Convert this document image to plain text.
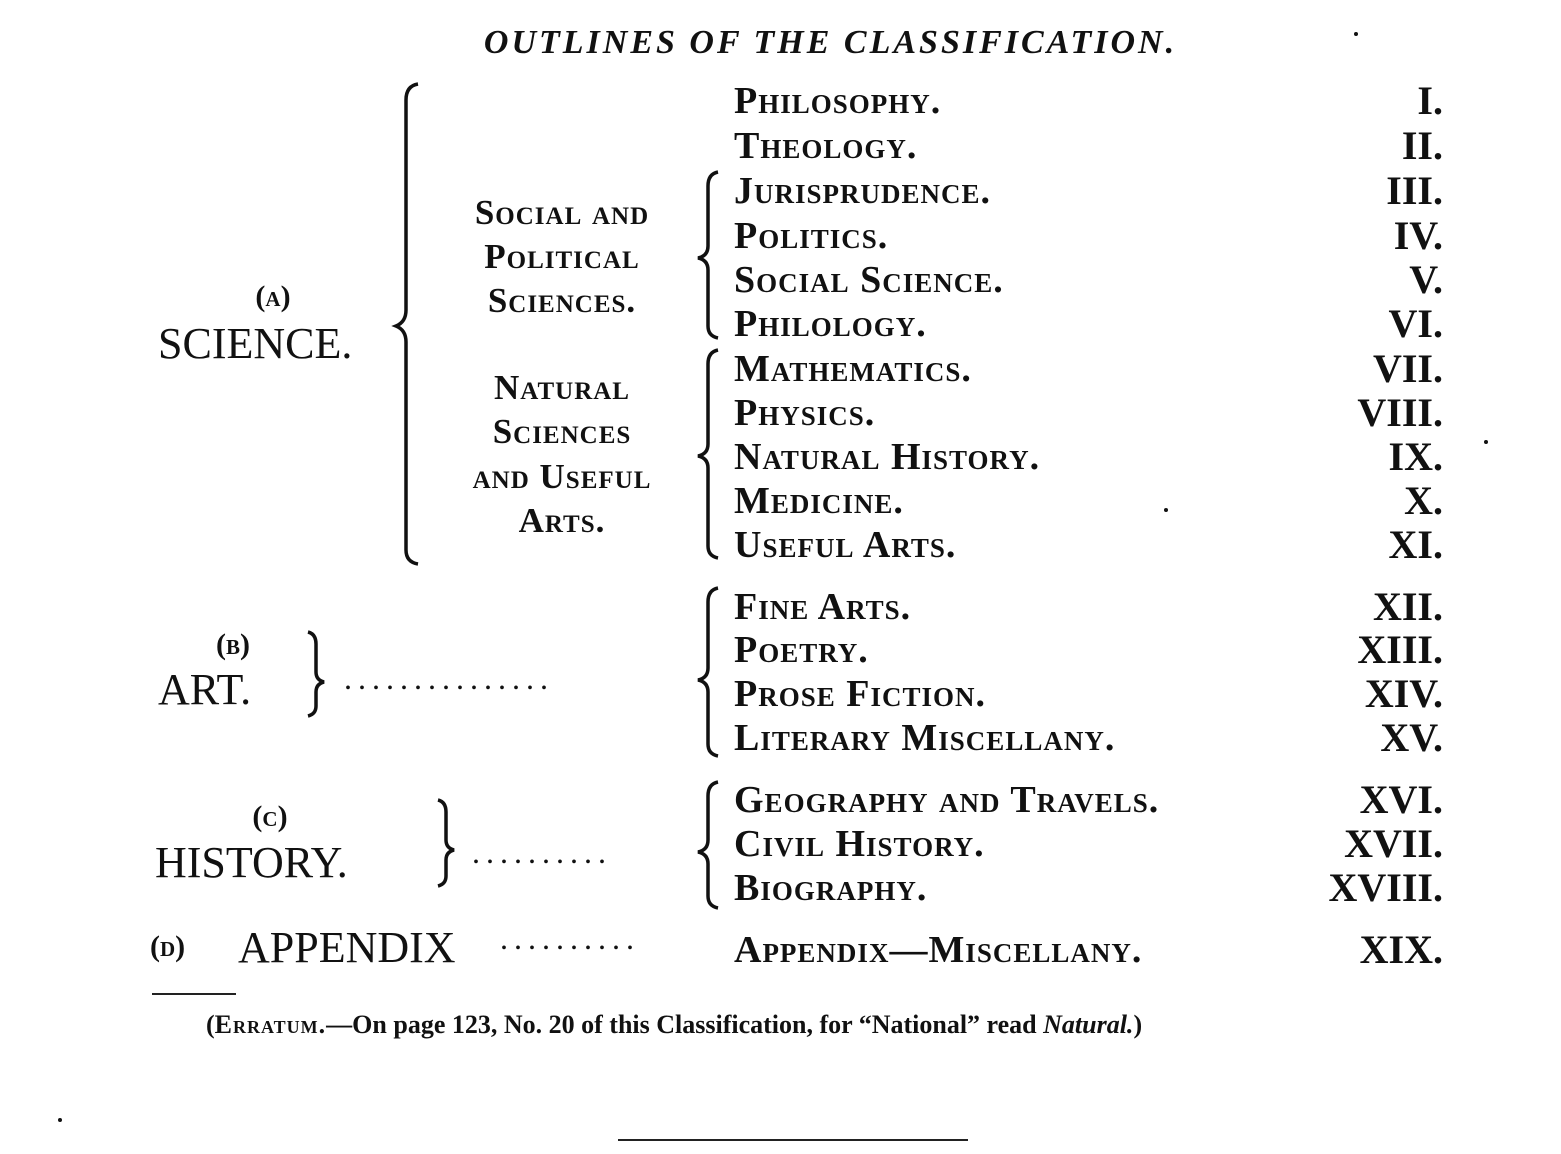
OUTLINES OF THE CLASSIFICATION.
Philosophy.
Theology.
Jurisprudence.
Politics.
Social Science.
Philology.
Mathematics.
Physics.
Natural History.
Medicine.
Useful Arts.
Fine Arts.
Poetry.
Prose Fiction.
Literary Miscellany.
Geography and Travels.
Civil History.
Biography.
Appendix—Miscellany.
I.
II.
III.
IV.
V.
VI.
VII.
VIII.
IX.
X.
XI.
XII.
XIII.
XIV.
XV.
XVI.
XVII.
XVIII.
XIX.
Social and
Political
Sciences.
Natural
Sciences
and Useful
Arts.
(a)
SCIENCE.
(b)
ART.	...............
(c)
HISTORY.	..........
(d) APPENDIX ..........
(Erratum.—On page 123, No. 20 of this Classification, for “National” read Natural.)
